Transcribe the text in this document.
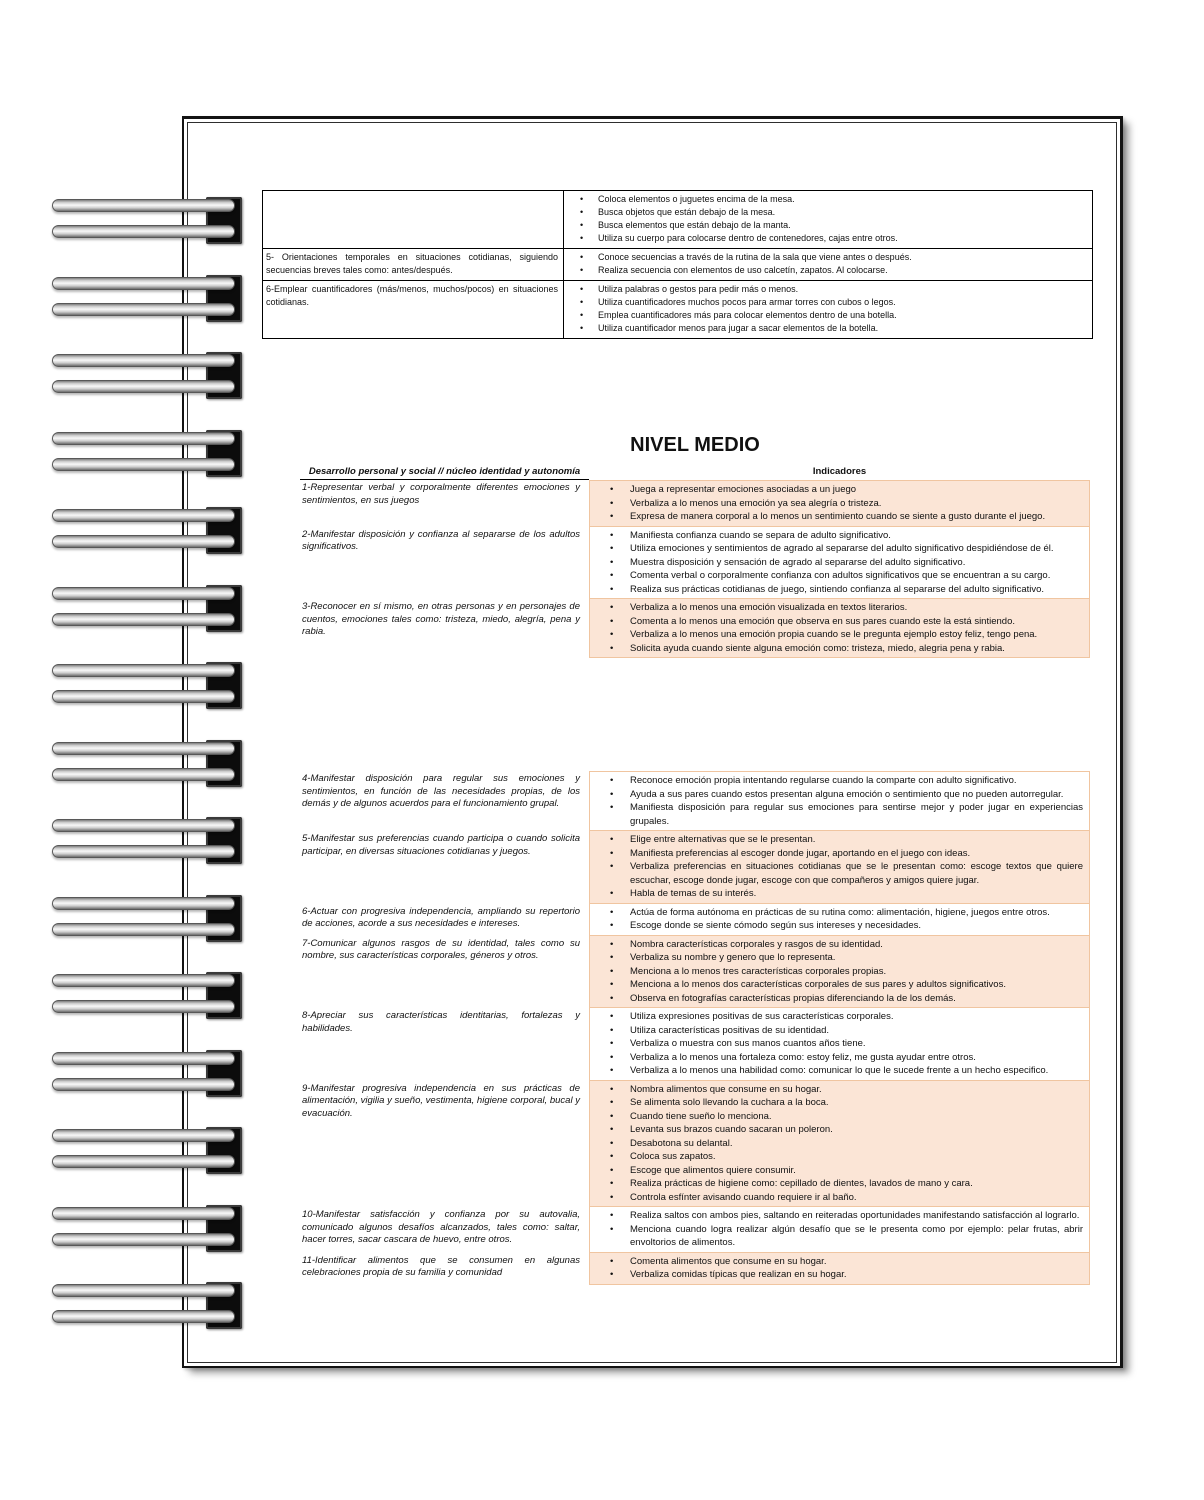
• Coloca elementos o juguetes encima de la mesa.
• Busca objetos que están debajo de la mesa.
• Busca elementos que están debajo de la manta.
• Utiliza su cuerpo para colocarse dentro de contenedores, cajas entre otros.
5- Orientaciones temporales en situaciones cotidianas, siguiendo secuencias breves tales como: antes/después.
• Conoce secuencias a través de la rutina de la sala que viene antes o después.
• Realiza secuencia con elementos de uso calcetín, zapatos. Al colocarse.
6-Emplear cuantificadores (más/menos, muchos/pocos) en situaciones cotidianas.
• Utiliza palabras o gestos para pedir más o menos.
• Utiliza cuantificadores muchos pocos para armar torres con cubos o legos.
• Emplea cuantificadores más para colocar elementos dentro de una botella.
• Utiliza cuantificador menos para jugar a sacar elementos de la botella.
NIVEL MEDIO
Desarrollo personal y social // núcleo identidad y autonomía	Indicadores
1-Representar verbal y corporalmente diferentes emociones y sentimientos, en sus juegos
• Juega a representar emociones asociadas a un juego
• Verbaliza a lo menos una emoción ya sea alegría o tristeza.
• Expresa de manera corporal a lo menos un sentimiento cuando se siente a gusto durante el juego.
2-Manifestar disposición y confianza al separarse de los adultos significativos.
• Manifiesta confianza cuando se separa de adulto significativo.
• Utiliza emociones y sentimientos de agrado al separarse del adulto significativo despidiéndose de él.
• Muestra disposición y sensación de agrado al separarse del adulto significativo.
• Comenta verbal o corporalmente confianza con adultos significativos que se encuentran a su cargo.
• Realiza sus prácticas cotidianas de juego, sintiendo confianza al separarse del adulto significativo.
3-Reconocer en sí mismo, en otras personas y en personajes de cuentos, emociones tales como: tristeza, miedo, alegría, pena y rabia.
• Verbaliza a lo menos una emoción visualizada en textos literarios.
• Comenta a lo menos una emoción que observa en sus pares cuando este la está sintiendo.
• Verbaliza a lo menos una emoción propia cuando se le pregunta ejemplo estoy feliz, tengo pena.
• Solicita ayuda cuando siente alguna emoción como: tristeza, miedo, alegria pena y rabia.
4-Manifestar disposición para regular sus emociones y sentimientos, en función de las necesidades propias, de los demás y de algunos acuerdos para el funcionamiento grupal.
• Reconoce emoción propia intentando regularse cuando la comparte con adulto significativo.
• Ayuda a sus pares cuando estos presentan alguna emoción o sentimiento que no pueden autorregular.
• Manifiesta disposición para regular sus emociones para sentirse mejor y poder jugar en experiencias grupales.
5-Manifestar sus preferencias cuando participa o cuando solicita participar, en diversas situaciones cotidianas y juegos.
• Elige entre alternativas que se le presentan.
• Manifiesta preferencias al escoger donde jugar, aportando en el juego con ideas.
• Verbaliza preferencias en situaciones cotidianas que se le presentan como: escoge textos que quiere escuchar, escoge donde jugar, escoge con que compañeros y amigos quiere jugar.
• Habla de temas de su interés.
6-Actuar con progresiva independencia, ampliando su repertorio de acciones, acorde a sus necesidades e intereses.
• Actúa de forma autónoma en prácticas de su rutina como: alimentación, higiene, juegos entre otros.
• Escoge donde se siente cómodo según sus intereses y necesidades.
7-Comunicar algunos rasgos de su identidad, tales como su nombre, sus características corporales, géneros y otros.
• Nombra características corporales y rasgos de su identidad.
• Verbaliza su nombre y genero que lo representa.
• Menciona a lo menos tres características corporales propias.
• Menciona a lo menos dos características corporales de sus pares y adultos significativos.
• Observa en fotografías características propias diferenciando la de los demás.
8-Apreciar sus características identitarias, fortalezas y habilidades.
• Utiliza expresiones positivas de sus características corporales.
• Utiliza características positivas de su identidad.
• Verbaliza o muestra con sus manos cuantos años tiene.
• Verbaliza a lo menos una fortaleza como: estoy feliz, me gusta ayudar entre otros.
• Verbaliza a lo menos una habilidad como: comunicar lo que le sucede frente a un hecho especifico.
9-Manifestar progresiva independencia en sus prácticas de alimentación, vigilia y sueño, vestimenta, higiene corporal, bucal y evacuación.
• Nombra alimentos que consume en su hogar.
• Se alimenta solo llevando la cuchara a la boca.
• Cuando tiene sueño lo menciona.
• Levanta sus brazos cuando sacaran un poleron.
• Desabotona su delantal.
• Coloca sus zapatos.
• Escoge que alimentos quiere consumir.
• Realiza prácticas de higiene como: cepillado de dientes, lavados de mano y cara.
• Controla esfínter avisando cuando requiere ir al baño.
10-Manifestar satisfacción y confianza por su autovalia, comunicado algunos desafíos alcanzados, tales como: saltar, hacer torres, sacar cascara de huevo, entre otros.
• Realiza saltos con ambos pies, saltando en reiteradas oportunidades manifestando satisfacción al lograrlo.
• Menciona cuando logra realizar algún desafío que se le presenta como por ejemplo: pelar frutas, abrir envoltorios de alimentos.
11-Identificar alimentos que se consumen en algunas celebraciones propia de su familia y comunidad
• Comenta alimentos que consume en su hogar.
• Verbaliza comidas típicas que realizan en su hogar.
